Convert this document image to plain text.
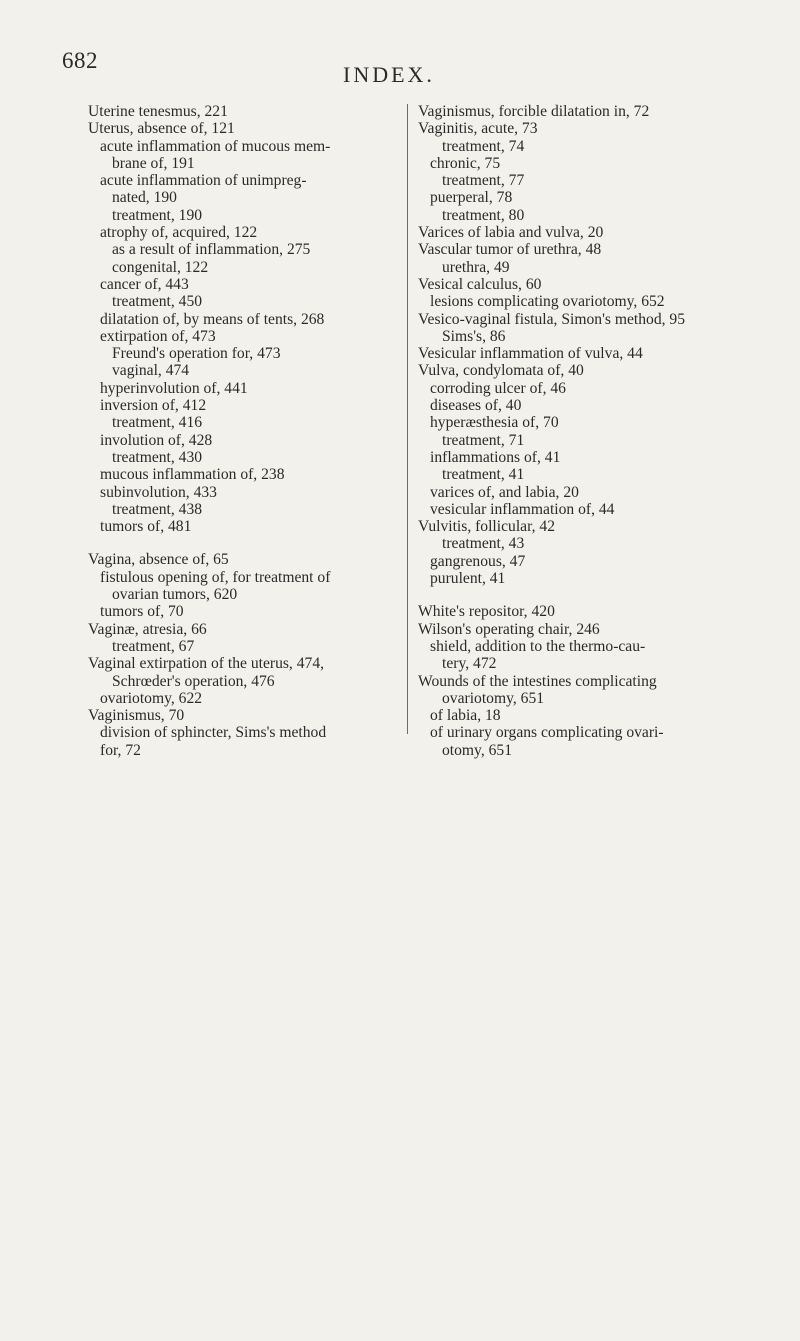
682
INDEX.
Uterine tenesmus, 221
Uterus, absence of, 121
acute inflammation of mucous mem-
brane of, 191
acute inflammation of unimpreg-
nated, 190
treatment, 190
atrophy of, acquired, 122
as a result of inflammation, 275
congenital, 122
cancer of, 443
treatment, 450
dilatation of, by means of tents, 268
extirpation of, 473
Freund's operation for, 473
vaginal, 474
hyperinvolution of, 441
inversion of, 412
treatment, 416
involution of, 428
treatment, 430
mucous inflammation of, 238
subinvolution, 433
treatment, 438
tumors of, 481
Vagina, absence of, 65
fistulous opening of, for treatment of
ovarian tumors, 620
tumors of, 70
Vaginæ, atresia, 66
treatment, 67
Vaginal extirpation of the uterus, 474,
Schrœder's operation, 476
ovariotomy, 622
Vaginismus, 70
division of sphincter, Sims's method
for, 72
Vaginismus, forcible dilatation in, 72
Vaginitis, acute, 73
treatment, 74
chronic, 75
treatment, 77
puerperal, 78
treatment, 80
Varices of labia and vulva, 20
Vascular tumor of urethra, 48
urethra, 49
Vesical calculus, 60
lesions complicating ovariotomy, 652
Vesico-vaginal fistula, Simon's method, 95
Sims's, 86
Vesicular inflammation of vulva, 44
Vulva, condylomata of, 40
corroding ulcer of, 46
diseases of, 40
hyperæsthesia of, 70
treatment, 71
inflammations of, 41
treatment, 41
varices of, and labia, 20
vesicular inflammation of, 44
Vulvitis, follicular, 42
treatment, 43
gangrenous, 47
purulent, 41
White's repositor, 420
Wilson's operating chair, 246
shield, addition to the thermo-cau-
tery, 472
Wounds of the intestines complicating
ovariotomy, 651
of labia, 18
of urinary organs complicating ovari-
otomy, 651
